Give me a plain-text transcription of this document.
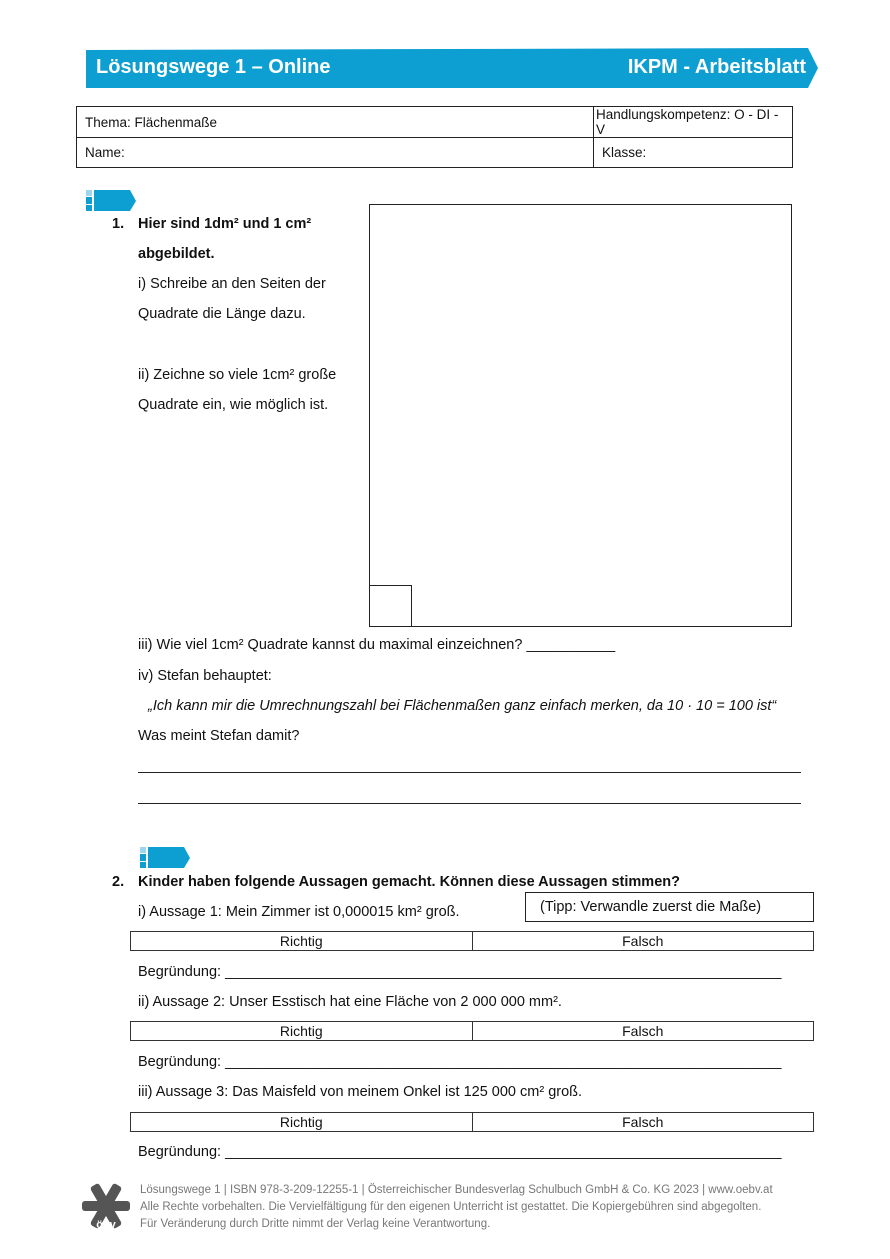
Lösungswege 1 – Online	IKPM - Arbeitsblatt
Thema: Flächenmaße	Handlungskompetenz: O - DI - V
Name:	Klasse:
1. Hier sind 1dm² und 1 cm²
abgebildet.
i) Schreibe an den Seiten der
Quadrate die Länge dazu.
ii) Zeichne so viele 1cm² große
Quadrate ein, wie möglich ist.
iii) Wie viel 1cm² Quadrate kannst du maximal einzeichnen? ___________
iv) Stefan behauptet:
„Ich kann mir die Umrechnungszahl bei Flächenmaßen ganz einfach merken, da 10 · 10 = 100 ist“
Was meint Stefan damit?
2. Kinder haben folgende Aussagen gemacht. Können diese Aussagen stimmen?
i) Aussage 1: Mein Zimmer ist 0,000015 km² groß.	(Tipp: Verwandle zuerst die Maße)
Richtig	Falsch
Begründung: _____________________________________________________________________
ii) Aussage 2: Unser Esstisch hat eine Fläche von 2 000 000 mm².
Richtig	Falsch
Begründung: _____________________________________________________________________
iii) Aussage 3: Das Maisfeld von meinem Onkel ist 125 000 cm² groß.
Richtig	Falsch
Begründung: _____________________________________________________________________
öbv
Lösungswege 1 | ISBN 978-3-209-12255-1 | Österreichischer Bundesverlag Schulbuch GmbH & Co. KG 2023 | www.oebv.at
Alle Rechte vorbehalten. Die Vervielfältigung für den eigenen Unterricht ist gestattet. Die Kopiergebühren sind abgegolten.
Für Veränderung durch Dritte nimmt der Verlag keine Verantwortung.
